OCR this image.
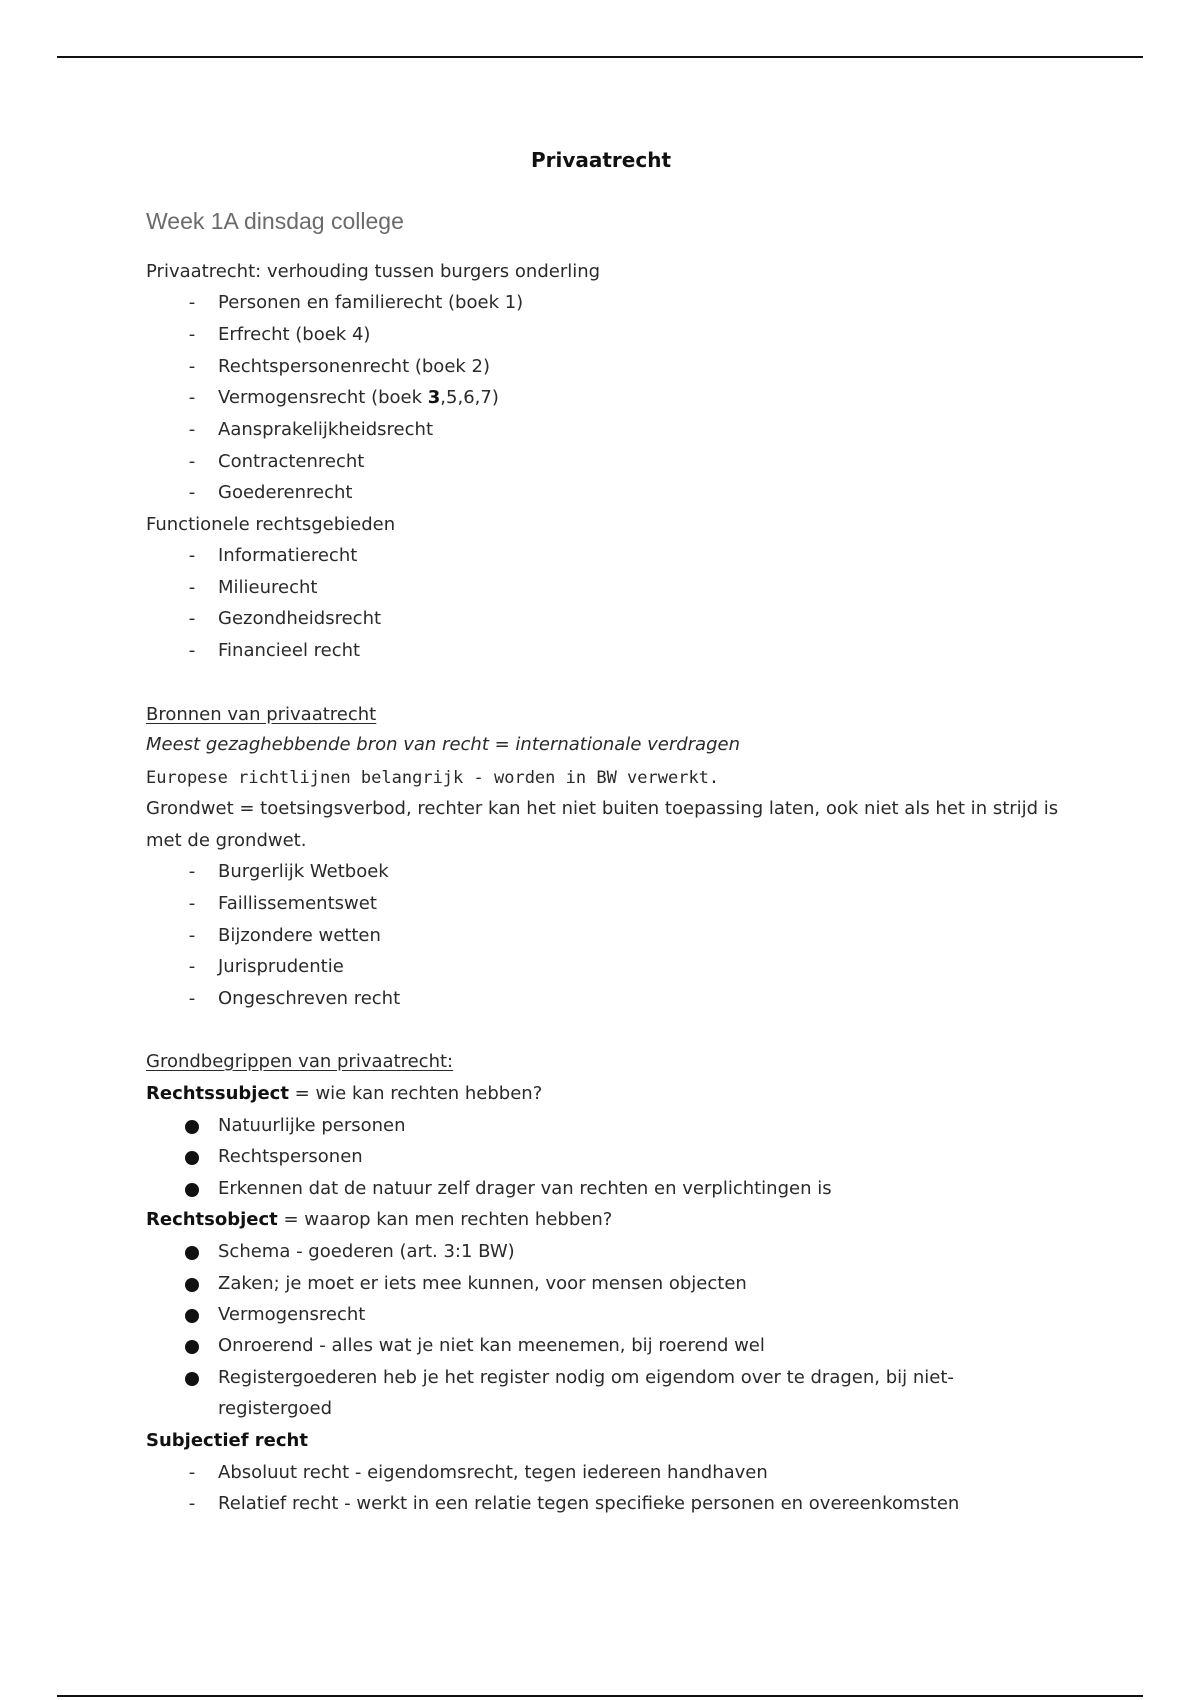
Privaatrecht
Week 1A dinsdag college
Privaatrecht: verhouding tussen burgers onderling
-	Personen en familierecht (boek 1)
-	Erfrecht (boek 4)
-	Rechtspersonenrecht (boek 2)
-	Vermogensrecht (boek 3,5,6,7)
-	Aansprakelijkheidsrecht
-	Contractenrecht
-	Goederenrecht
Functionele rechtsgebieden
-	Informatierecht
-	Milieurecht
-	Gezondheidsrecht
-	Financieel recht
Bronnen van privaatrecht
Meest gezaghebbende bron van recht = internationale verdragen
Europese richtlijnen belangrijk - worden in BW verwerkt.
Grondwet = toetsingsverbod, rechter kan het niet buiten toepassing laten, ook niet als het in strijd is
met de grondwet.
-	Burgerlijk Wetboek
-	Faillissementswet
-	Bijzondere wetten
-	Jurisprudentie
-	Ongeschreven recht
Grondbegrippen van privaatrecht:
Rechtssubject = wie kan rechten hebben?
Natuurlijke personen
Rechtspersonen
Erkennen dat de natuur zelf drager van rechten en verplichtingen is
Rechtsobject = waarop kan men rechten hebben?
Schema - goederen (art. 3:1 BW)
Zaken; je moet er iets mee kunnen, voor mensen objecten
Vermogensrecht
Onroerend - alles wat je niet kan meenemen, bij roerend wel
Registergoederen heb je het register nodig om eigendom over te dragen, bij niet-
registergoed
Subjectief recht
-	Absoluut recht - eigendomsrecht, tegen iedereen handhaven
-	Relatief recht - werkt in een relatie tegen specifieke personen en overeenkomsten
